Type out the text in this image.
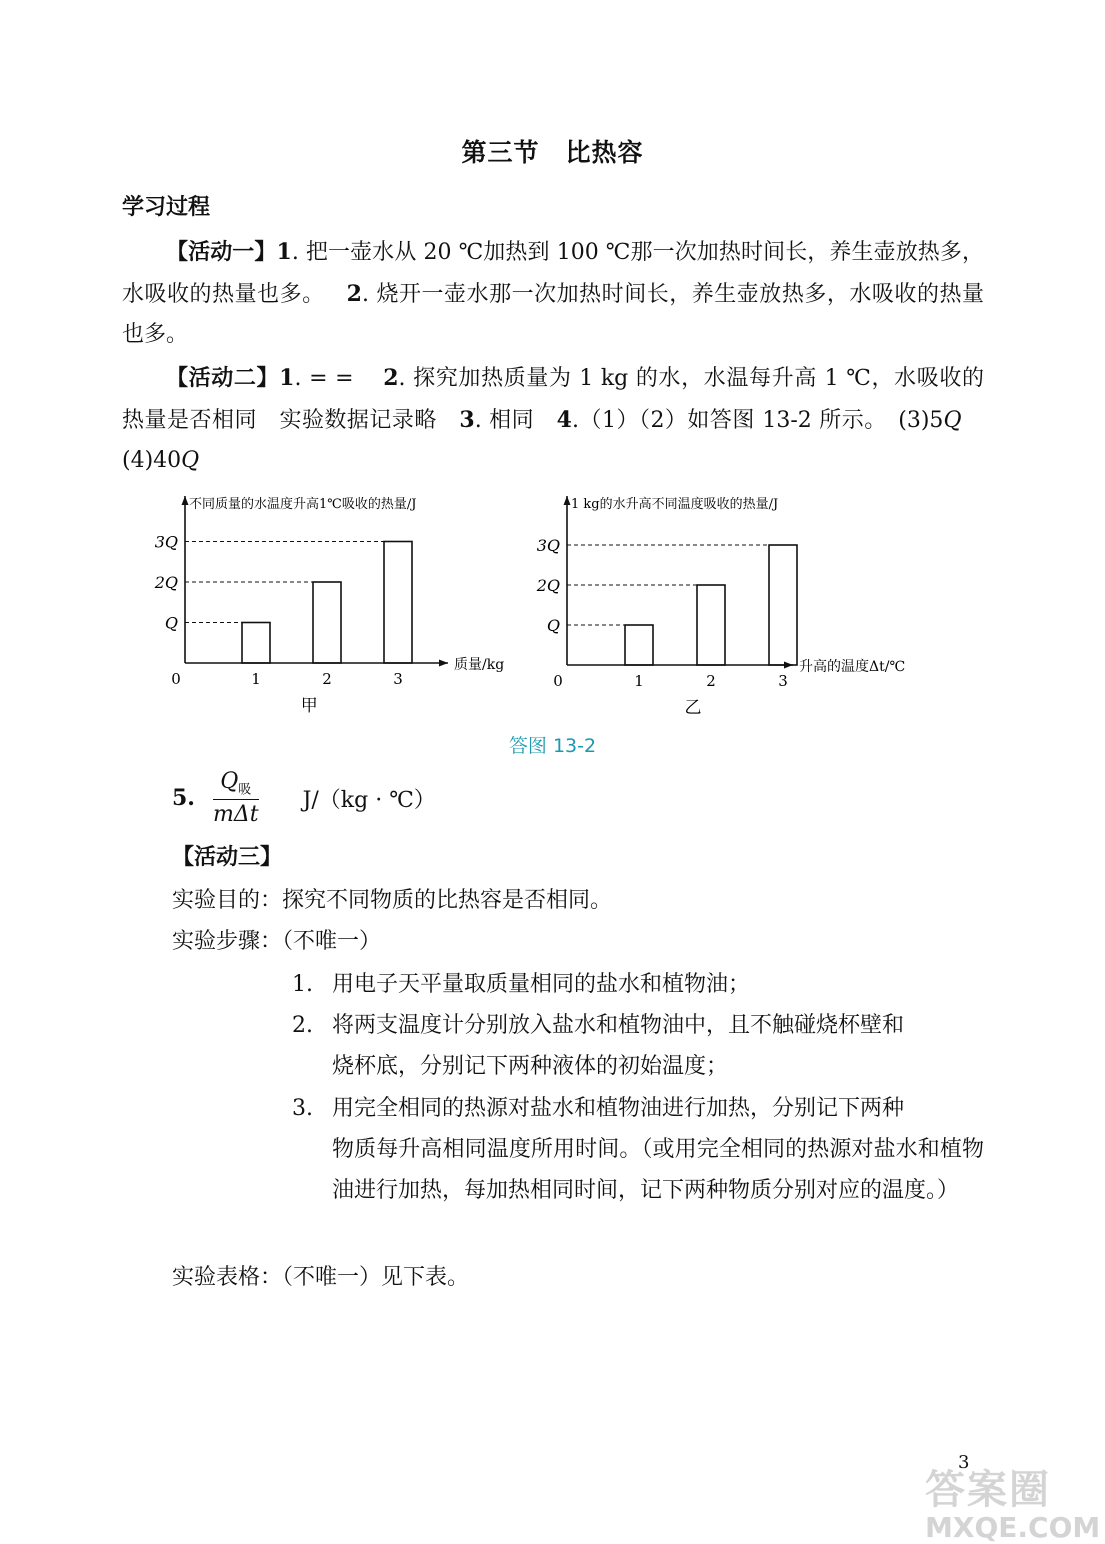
第三节 比热容
学习过程
【活动一】1. 把一壶水从 20 ℃加热到 100 ℃那一次加热时间长，养生壶放热多，水吸收的热量也多。 2. 烧开一壶水那一次加热时间长，养生壶放热多，水吸收的热量也多。
【活动二】1. = = 2. 探究加热质量为 1 kg 的水，水温每升高 1 ℃，水吸收的热量是否相同　实验数据记录略　3. 相同　4.（1）（2）如答图 13-2 所示。　(3)5Q　(4)40Q
不同质量的水温度升高1℃吸收的热量/J
质量/kg
0
Q
1
2Q
2
3Q
3
甲
1 kg的水升高不同温度吸收的热量/J
升高的温度Δt/℃
0
Q
1
2Q
2
3Q
3
乙
答图 13-2
5. $\frac{Q_吸}{\text{mΔt}} J/(kg$ · ℃）
【活动三】
实验目的：探究不同物质的比热容是否相同。
实验步骤：（不唯一）
1. 用电子天平量取质量相同的盐水和植物油；
2. 将两支温度计分别放入盐水和植物油中，且不触碰烧杯壁和
烧杯底，分别记下两种液体的初始温度；
3. 用完全相同的热源对盐水和植物油进行加热，分别记下两种
物质每升高相同温度所用时间。（或用完全相同的热源对盐水和植物油进行加热，每加热相同时间，记下两种物质分别对应的温度。）
实验表格：（不唯一）见下表。
3
答案圈
MXQE.COM
